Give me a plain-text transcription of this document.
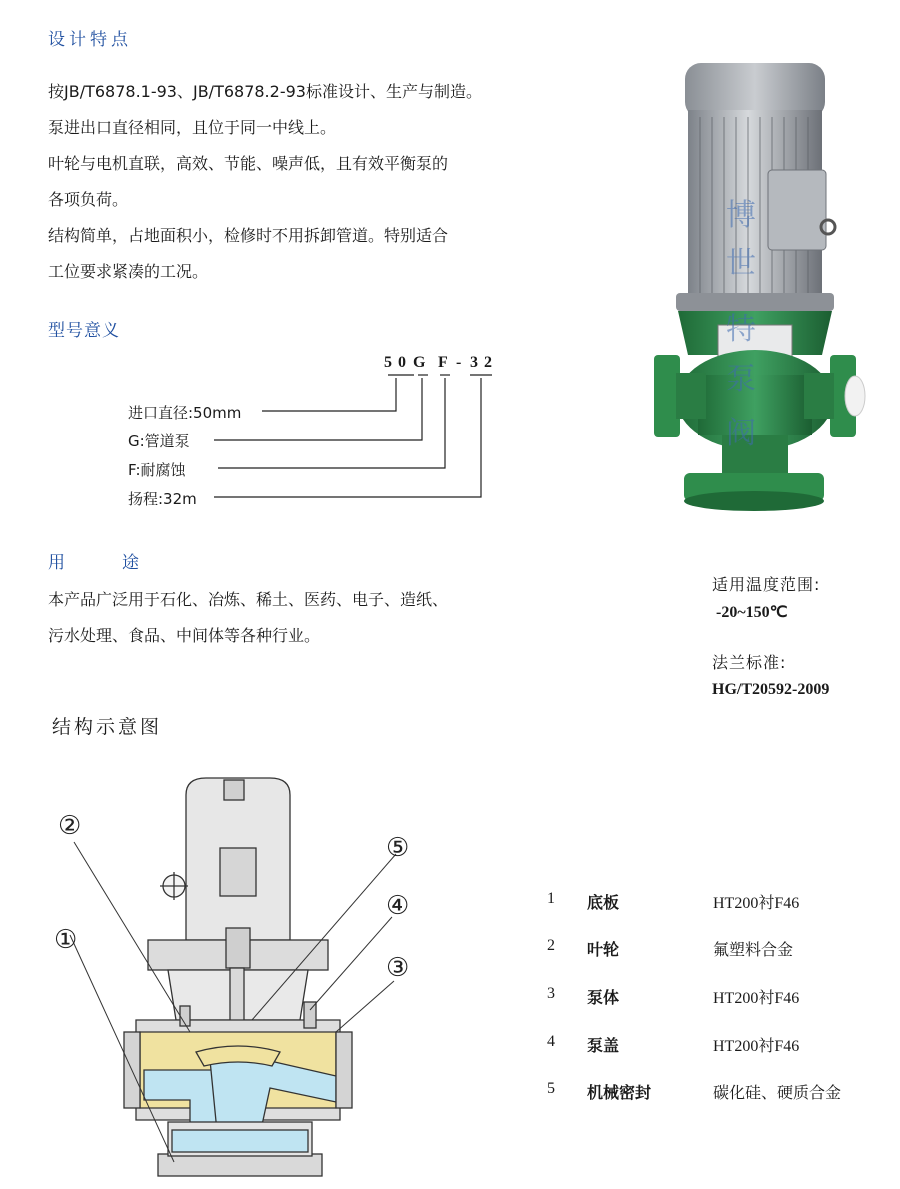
设计特点
按JB/T6878.1-93、JB/T6878.2-93标准设计、生产与制造。
泵进出口直径相同，且位于同一中线上。
叶轮与电机直联，高效、节能、噪声低，且有效平衡泵的
各项负荷。
结构简单，占地面积小，检修时不用拆卸管道。特别适合
工位要求紧凑的工况。
型号意义
50 G F - 32
进口直径:50mm
G:管道泵
F:耐腐蚀
扬程:32m
用	途
本产品广泛用于石化、冶炼、稀土、医药、电子、造纸、
污水处理、食品、中间体等各种行业。
博
世
特
泵
阀
适用温度范围:
-20~150℃
法兰标准:
HG/T20592-2009
结构示意图
①
②
③
④
⑤
1 底板	HT200衬F46
2 叶轮	氟塑料合金
3 泵体	HT200衬F46
4 泵盖	HT200衬F46
5 机械密封	碳化硅、硬质合金
